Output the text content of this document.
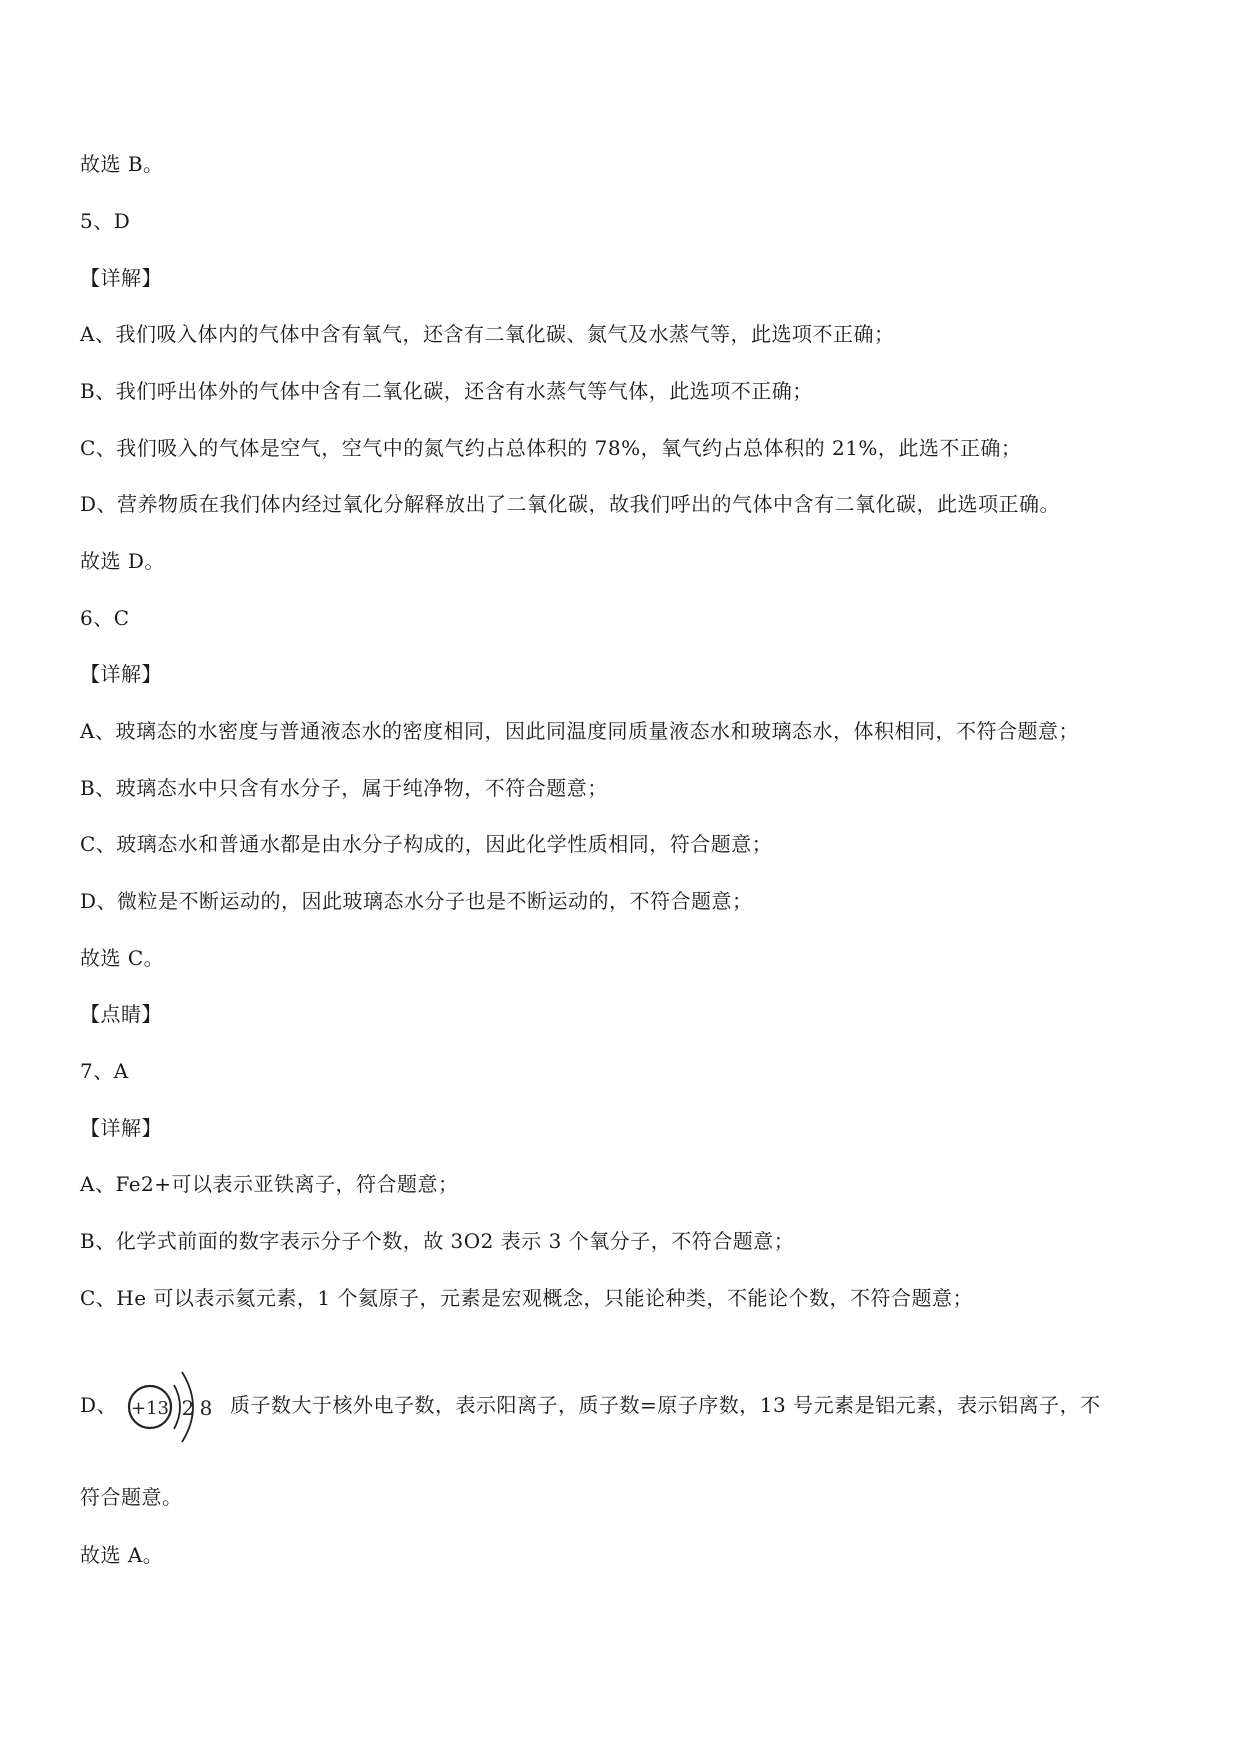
故选 B。
5、D
【详解】
A、我们吸入体内的气体中含有氧气，还含有二氧化碳、氮气及水蒸气等，此选项不正确；
B、我们呼出体外的气体中含有二氧化碳，还含有水蒸气等气体，此选项不正确；
C、我们吸入的气体是空气，空气中的氮气约占总体积的 78%，氧气约占总体积的 21%，此选不正确；
D、营养物质在我们体内经过氧化分解释放出了二氧化碳，故我们呼出的气体中含有二氧化碳，此选项正确。
故选 D。
6、C
【详解】
A、玻璃态的水密度与普通液态水的密度相同，因此同温度同质量液态水和玻璃态水，体积相同，不符合题意；
B、玻璃态水中只含有水分子，属于纯净物，不符合题意；
C、玻璃态水和普通水都是由水分子构成的，因此化学性质相同，符合题意；
D、微粒是不断运动的，因此玻璃态水分子也是不断运动的，不符合题意；
故选 C。
【点睛】
7、A
【详解】
A、Fe2+可以表示亚铁离子，符合题意；
B、化学式前面的数字表示分子个数，故 3O2 表示 3 个氧分子，不符合题意；
C、He 可以表示氦元素，1 个氦原子，元素是宏观概念，只能论种类，不能论个数，不符合题意；
D、 +13 2 8 质子数大于核外电子数，表示阳离子，质子数=原子序数，13 号元素是铝元素，表示铝离子，不
符合题意。
故选 A。
